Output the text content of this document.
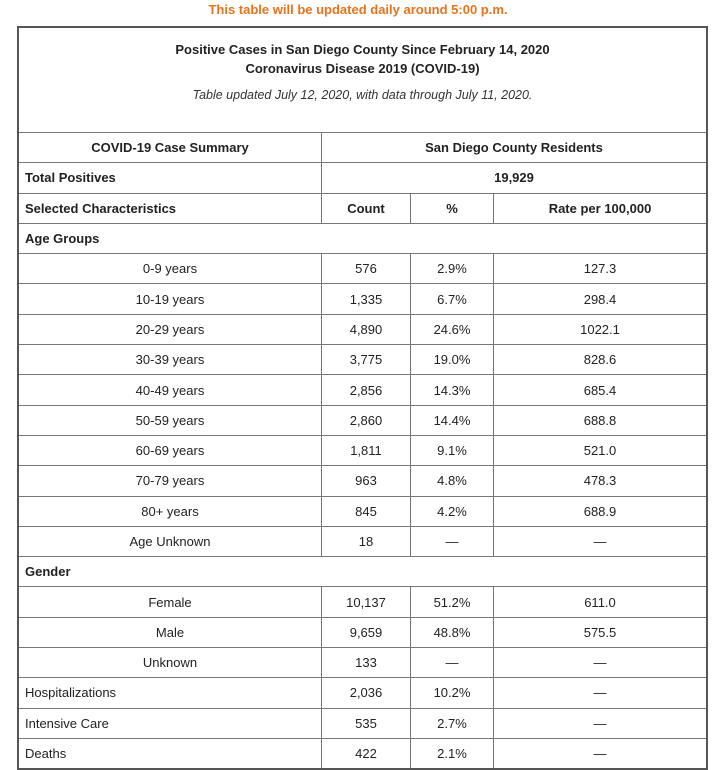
This table will be updated daily around 5:00 p.m.
Positive Cases in San Diego County Since February 14, 2020
Coronavirus Disease 2019 (COVID-19)
Table updated July 12, 2020, with data through July 11, 2020.			

COVID-19 Case Summary	San Diego County Residents		
Total Positives	19,929		
Selected Characteristics	Count	%	Rate per 100,000
Age Groups			
0-9 years	576	2.9%	127.3
10-19 years	1,335	6.7%	298.4
20-29 years	4,890	24.6%	1022.1
30-39 years	3,775	19.0%	828.6
40-49 years	2,856	14.3%	685.4
50-59 years	2,860	14.4%	688.8
60-69 years	1,811	9.1%	521.0
70-79 years	963	4.8%	478.3
80+ years	845	4.2%	688.9
Age Unknown	18	—	—
Gender			
Female	10,137	51.2%	611.0
Male	9,659	48.8%	575.5
Unknown	133	—	—
Hospitalizations	2,036	10.2%	—
Intensive Care	535	2.7%	—
Deaths	422	2.1%	—
